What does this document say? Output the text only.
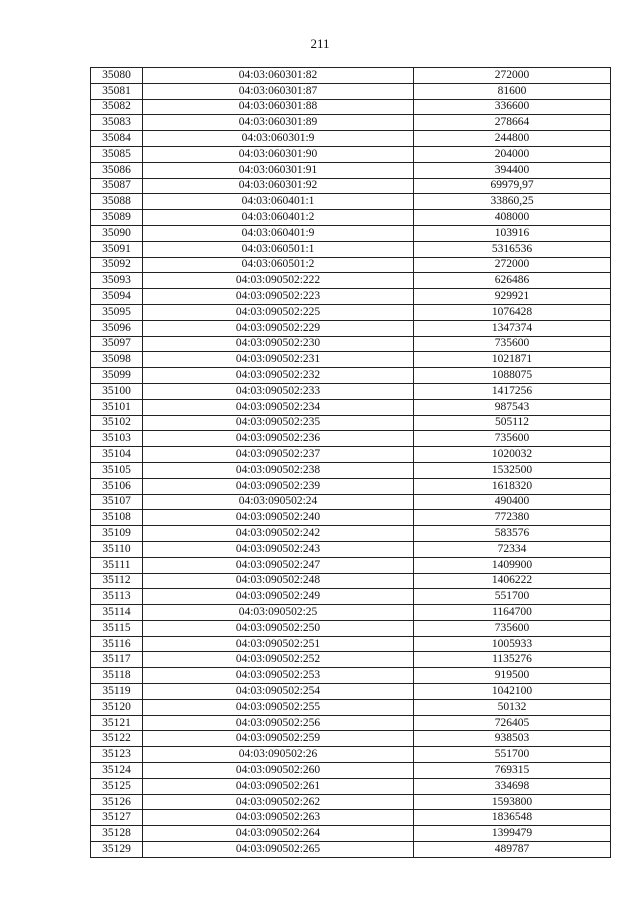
211
35080	04:03:060301:82	272000
35081	04:03:060301:87	81600
35082	04:03:060301:88	336600
35083	04:03:060301:89	278664
35084	04:03:060301:9	244800
35085	04:03:060301:90	204000
35086	04:03:060301:91	394400
35087	04:03:060301:92	69979,97
35088	04:03:060401:1	33860,25
35089	04:03:060401:2	408000
35090	04:03:060401:9	103916
35091	04:03:060501:1	5316536
35092	04:03:060501:2	272000
35093	04:03:090502:222	626486
35094	04:03:090502:223	929921
35095	04:03:090502:225	1076428
35096	04:03:090502:229	1347374
35097	04:03:090502:230	735600
35098	04:03:090502:231	1021871
35099	04:03:090502:232	1088075
35100	04:03:090502:233	1417256
35101	04:03:090502:234	987543
35102	04:03:090502:235	505112
35103	04:03:090502:236	735600
35104	04:03:090502:237	1020032
35105	04:03:090502:238	1532500
35106	04:03:090502:239	1618320
35107	04:03:090502:24	490400
35108	04:03:090502:240	772380
35109	04:03:090502:242	583576
35110	04:03:090502:243	72334
35111	04:03:090502:247	1409900
35112	04:03:090502:248	1406222
35113	04:03:090502:249	551700
35114	04:03:090502:25	1164700
35115	04:03:090502:250	735600
35116	04:03:090502:251	1005933
35117	04:03:090502:252	1135276
35118	04:03:090502:253	919500
35119	04:03:090502:254	1042100
35120	04:03:090502:255	50132
35121	04:03:090502:256	726405
35122	04:03:090502:259	938503
35123	04:03:090502:26	551700
35124	04:03:090502:260	769315
35125	04:03:090502:261	334698
35126	04:03:090502:262	1593800
35127	04:03:090502:263	1836548
35128	04:03:090502:264	1399479
35129	04:03:090502:265	489787
